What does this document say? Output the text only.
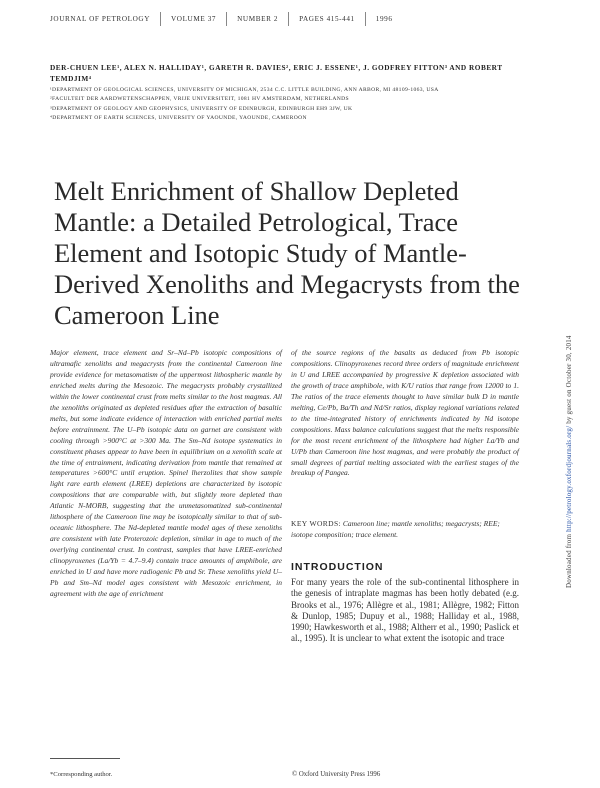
JOURNAL OF PETROLOGY	VOLUME 37	NUMBER 2	PAGES 415-441	1996
DER-CHUEN LEE¹, ALEX N. HALLIDAY¹, GARETH R. DAVIES², ERIC J. ESSENE¹, J. GODFREY FITTON³ AND ROBERT TEMDJIM⁴
¹DEPARTMENT OF GEOLOGICAL SCIENCES, UNIVERSITY OF MICHIGAN, 2534 C.C. LITTLE BUILDING, ANN ARBOR, MI 48109-1063, USA
²FACULTEIT DER AARDWETENSCHAPPEN, VRIJE UNIVERSITEIT, 1081 HV AMSTERDAM, NETHERLANDS
³DEPARTMENT OF GEOLOGY AND GEOPHYSICS, UNIVERSITY OF EDINBURGH, EDINBURGH EH9 3JW, UK
⁴DEPARTMENT OF EARTH SCIENCES, UNIVERSITY OF YAOUNDE, YAOUNDE, CAMEROON
Melt Enrichment of Shallow Depleted Mantle: a Detailed Petrological, Trace Element and Isotopic Study of Mantle-Derived Xenoliths and Megacrysts from the Cameroon Line
Major element, trace element and Sr–Nd–Pb isotopic compositions of ultramafic xenoliths and megacrysts from the continental Cameroon line provide evidence for metasomatism of the uppermost lithospheric mantle by enriched melts during the Mesozoic. The megacrysts probably crystallized within the lower continental crust from melts similar to the host magmas. All the xenoliths originated as depleted residues after the extraction of basaltic melts, but some indicate evidence of interaction with enriched partial melts before entrainment. The U–Pb isotopic data on garnet are consistent with cooling through >900°C at >300 Ma. The Sm–Nd isotope systematics in constituent phases appear to have been in equilibrium on a xenolith scale at the time of entrainment, indicating derivation from mantle that remained at temperatures >600°C until eruption. Spinel lherzolites that show sample light rare earth element (LREE) depletions are characterized by isotopic compositions that are comparable with, but slightly more depleted than Atlantic N-MORB, suggesting that the unmetasomatized sub-continental lithosphere of the Cameroon line may be isotopically similar to that of sub-oceanic lithosphere. The Nd-depleted mantle model ages of these xenoliths are consistent with late Proterozoic depletion, similar in age to much of the overlying continental crust. In contrast, samples that have LREE-enriched clinopyroxenes (La/Yb = 4.7–9.4) contain trace amounts of amphibole, are enriched in U and have more radiogenic Pb and Sr. These xenoliths yield U–Pb and Sm–Nd model ages consistent with Mesozoic enrichment, in agreement with the age of enrichment
of the source regions of the basalts as deduced from Pb isotopic compositions. Clinopyroxenes record three orders of magnitude enrichment in U and LREE accompanied by progressive K depletion associated with the growth of trace amphibole, with K/U ratios that range from 12000 to 1. The ratios of the trace elements thought to have similar bulk D in mantle melting, Ce/Pb, Ba/Th and Nd/Sr ratios, display regional variations related to the time-integrated history of enrichments indicated by Nd isotope compositions. Mass balance calculations suggest that the melts responsible for the most recent enrichment of the lithosphere had higher La/Yb and U/Pb than Cameroon line host magmas, and were probably the product of small degrees of partial melting associated with the earliest stages of the breakup of Pangea.
KEY WORDS: Cameroon line; mantle xenoliths; megacrysts; REE; isotope composition; trace element.
INTRODUCTION
For many years the role of the sub-continental lithosphere in the genesis of intraplate magmas has been hotly debated (e.g. Brooks et al., 1976; Allègre et al., 1981; Allègre, 1982; Fitton & Dunlop, 1985; Dupuy et al., 1988; Halliday et al., 1988, 1990; Hawkesworth et al., 1988; Altherr et al., 1990; Paslick et al., 1995). It is unclear to what extent the isotopic and trace
*Corresponding author.	© Oxford University Press 1996
Downloaded from http://petrology.oxfordjournals.org/ by guest on October 30, 2014
